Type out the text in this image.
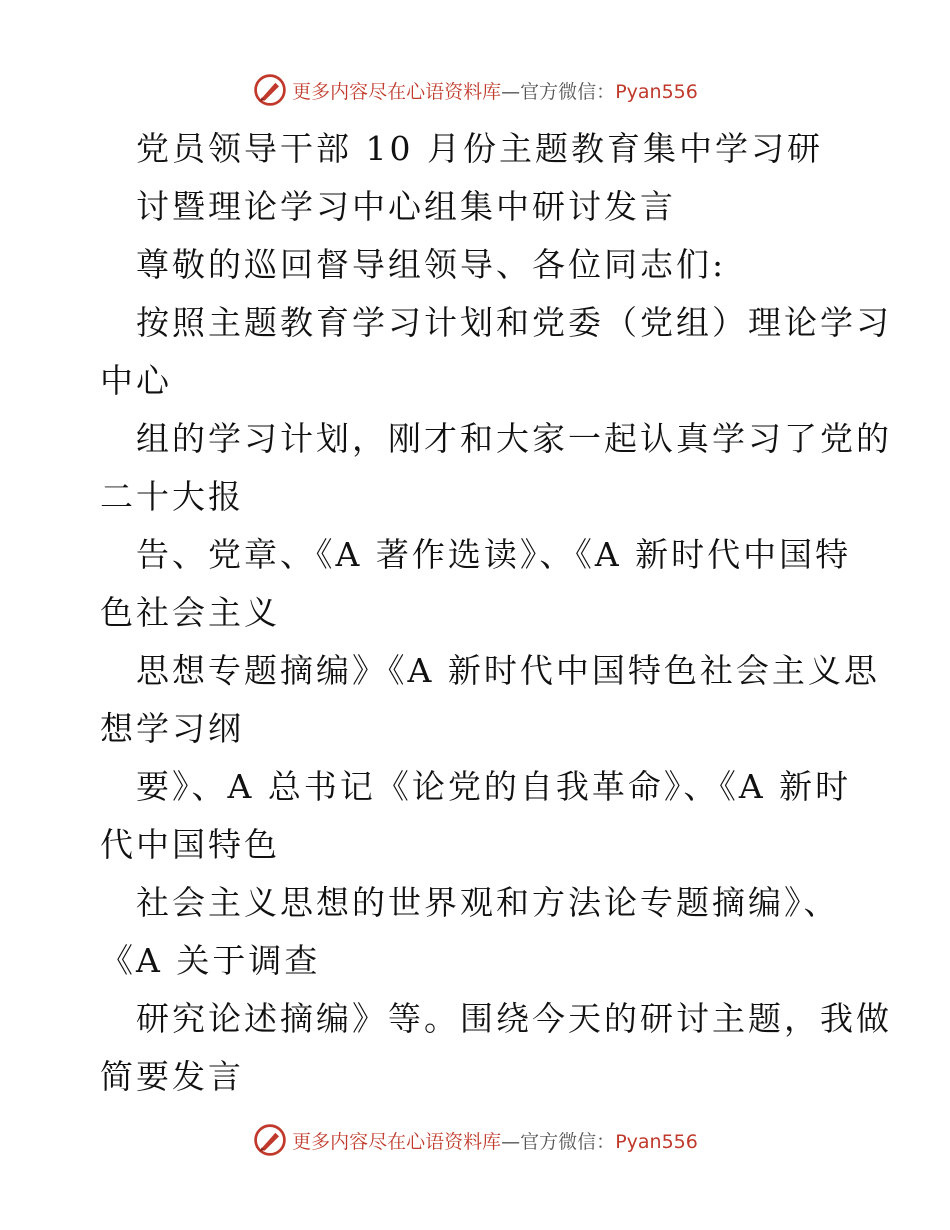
更多内容尽在心语资料库—官方微信：Pyan556
党员领导干部 10 月份主题教育集中学习研
讨暨理论学习中心组集中研讨发言
尊敬的巡回督导组领导、各位同志们:
按照主题教育学习计划和党委（党组）理论学习
中心
组的学习计划，刚才和大家一起认真学习了党的
二十大报
告、党章、《A 著作选读》、《A 新时代中国特
色社会主义
思想专题摘编》《A 新时代中国特色社会主义思
想学习纲
要》、A 总书记《论党的自我革命》、《A 新时
代中国特色
社会主义思想的世界观和方法论专题摘编》、
《A 关于调查
研究论述摘编》等。围绕今天的研讨主题，我做
简要发言
更多内容尽在心语资料库—官方微信：Pyan556
